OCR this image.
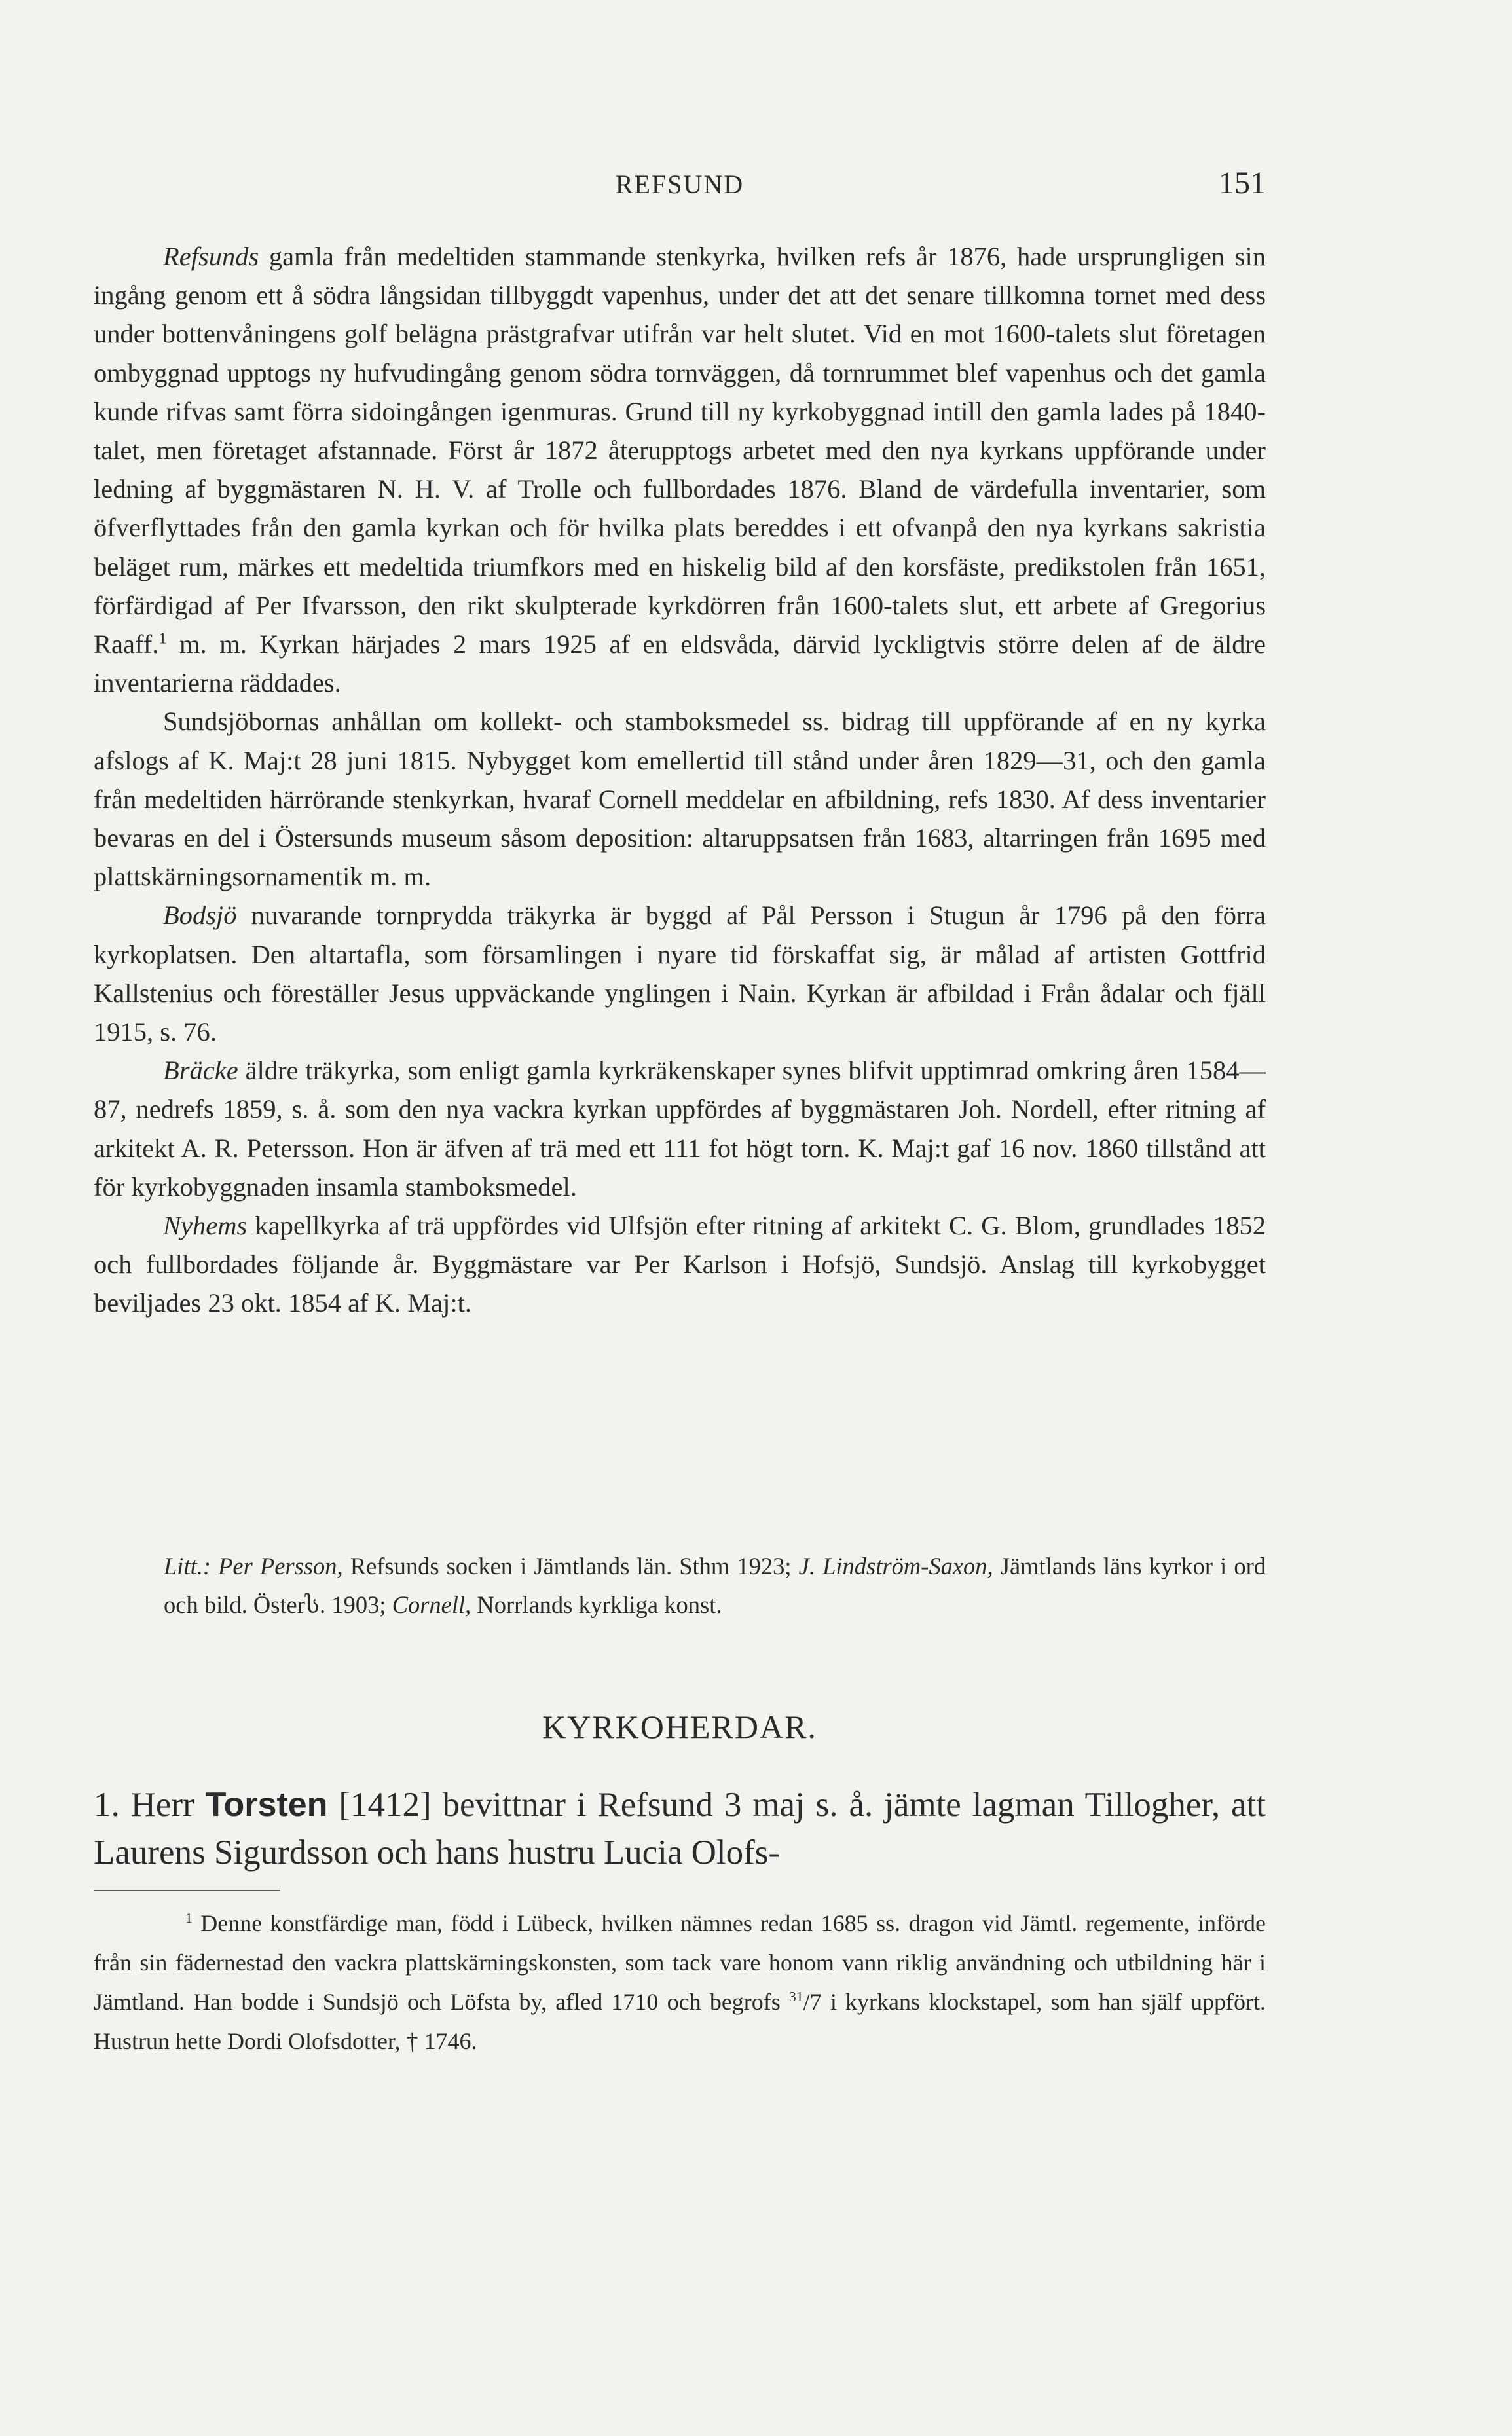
REFSUND	151

Refsunds gamla från medeltiden stammande stenkyrka, hvilken refs år 1876, hade ursprungligen sin ingång genom ett å södra långsidan tillbyggdt vapenhus, under det att det senare tillkomna tornet med dess under bottenvåningens golf belägna prästgrafvar utifrån var helt slutet. Vid en mot 1600-talets slut företagen ombyggnad upptogs ny hufvudingång genom södra tornväggen, då tornrummet blef vapenhus och det gamla kunde rifvas samt förra sidoingången igenmuras. Grund till ny kyrkobyggnad intill den gamla lades på 1840-talet, men företaget afstannade. Först år 1872 återupptogs arbetet med den nya kyrkans uppförande under ledning af byggmästaren N. H. V. af Trolle och fullbordades 1876. Bland de värdefulla inventarier, som öfverflyttades från den gamla kyrkan och för hvilka plats bereddes i ett ofvanpå den nya kyrkans sakristia beläget rum, märkes ett medeltida triumfkors med en hiskelig bild af den korsfäste, predikstolen från 1651, förfärdigad af Per Ifvarsson, den rikt skulpterade kyrkdörren från 1600-talets slut, ett arbete af Gregorius Raaff.$^1$ m. m. Kyrkan härjades 2 mars 1925 af en eldsvåda, därvid lyckligtvis större delen af de äldre inventarierna räddades.

Sundsjöbornas anhållan om kollekt- och stamboksmedel ss. bidrag till uppförande af en ny kyrka afslogs af K. Maj:t 28 juni 1815. Nybygget kom emellertid till stånd under åren 1829—31, och den gamla från medeltiden härrörande stenkyrkan, hvaraf Cornell meddelar en afbildning, refs 1830. Af dess inventarier bevaras en del i Östersunds museum såsom deposition: altaruppsatsen från 1683, altarringen från 1695 med plattskärningsornamentik m. m.

Bodsjö nuvarande tornprydda träkyrka är byggd af Pål Persson i Stugun år 1796 på den förra kyrkoplatsen. Den altartafla, som församlingen i nyare tid förskaffat sig, är målad af artisten Gottfrid Kallstenius och föreställer Jesus uppväckande ynglingen i Nain. Kyrkan är afbildad i Från ådalar och fjäll 1915, s. 76.

Bräcke äldre träkyrka, som enligt gamla kyrkräkenskaper synes blifvit upptimrad omkring åren 1584—87, nedrefs 1859, s. å. som den nya vackra kyrkan uppfördes af byggmästaren Joh. Nordell, efter ritning af arkitekt A. R. Petersson. Hon är äfven af trä med ett 111 fot högt torn. K. Maj:t gaf 16 nov. 1860 tillstånd att för kyrkobyggnaden insamla stamboksmedel.

Nyhems kapellkyrka af trä uppfördes vid Ulfsjön efter ritning af arkitekt C. G. Blom, grundlades 1852 och fullbordades följande år. Byggmästare var Per Karlson i Hofsjö, Sundsjö. Anslag till kyrkobygget beviljades 23 okt. 1854 af K. Maj:t.

Litt.: Per Persson, Refsunds socken i Jämtlands län. Sthm 1923; J. Lindström-Saxon, Jämtlands läns kyrkor i ord och bild. Österს. 1903; Cornell, Norrlands kyrkliga konst.
KYRKOHERDAR.
1. Herr Torsten [1412] bevittnar i Refsund 3 maj s. å. jämte lagman Tillogher, att Laurens Sigurdsson och hans hustru Lucia Olofs-

$^1$ Denne konstfärdige man, född i Lübeck, hvilken nämnes redan 1685 ss. dragon vid Jämtl. regemente, införde från sin fädernestad den vackra plattskärningskonsten, som tack vare honom vann riklig användning och utbildning här i Jämtland. Han bodde i Sundsjö och Löfsta by, afled 1710 och begrofs $^{31}$/7 i kyrkans klockstapel, som han själf uppfört. Hustrun hette Dordi Olofsdotter, † 1746.
